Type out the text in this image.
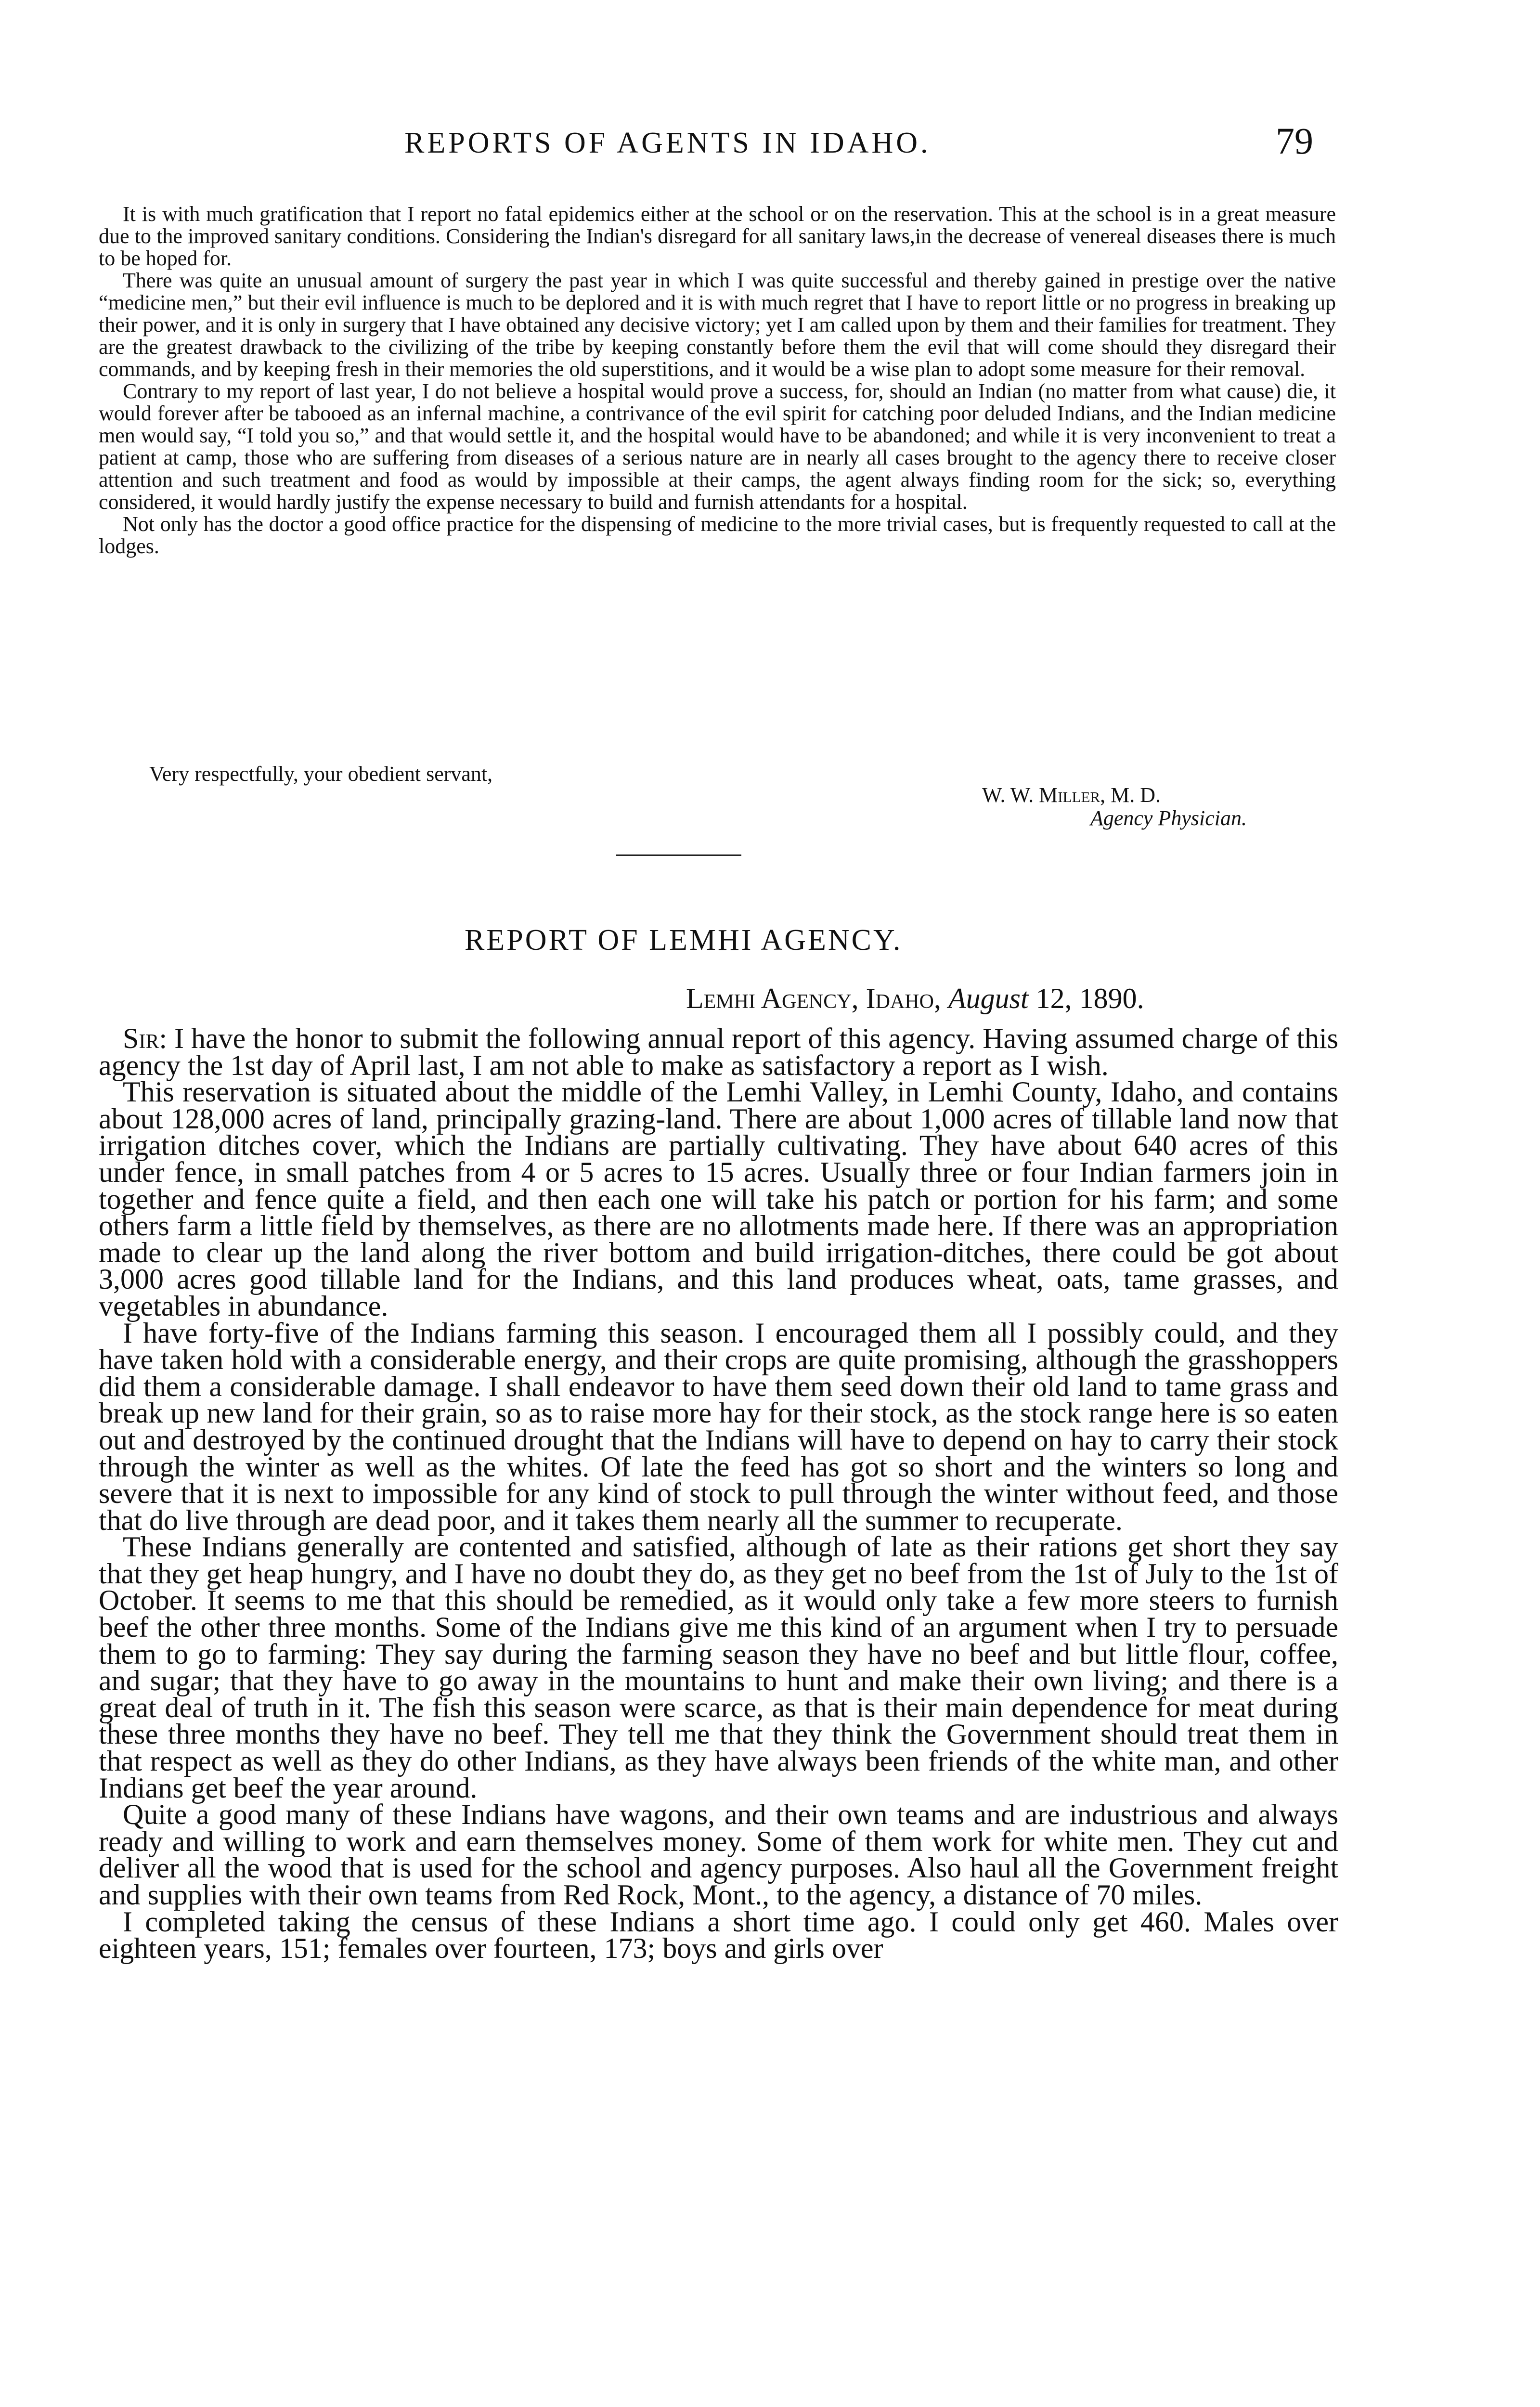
REPORTS OF AGENTS IN IDAHO.	79

It is with much gratification that I report no fatal epidemics either at the school or on the reservation. This at the school is in a great measure due to the improved sanitary conditions. Considering the Indian's disregard for all sanitary laws,in the decrease of venereal diseases there is much to be hoped for.

There was quite an unusual amount of surgery the past year in which I was quite successful and thereby gained in prestige over the native “medicine men,” but their evil influence is much to be deplored and it is with much regret that I have to report little or no progress in breaking up their power, and it is only in surgery that I have obtained any decisive victory; yet I am called upon by them and their families for treatment. They are the greatest drawback to the civilizing of the tribe by keeping constantly before them the evil that will come should they disregard their commands, and by keeping fresh in their memories the old superstitions, and it would be a wise plan to adopt some measure for their removal.

Contrary to my report of last year, I do not believe a hospital would prove a success, for, should an Indian (no matter from what cause) die, it would forever after be tabooed as an infernal machine, a contrivance of the evil spirit for catching poor deluded Indians, and the Indian medicine men would say, “I told you so,” and that would settle it, and the hospital would have to be abandoned; and while it is very inconvenient to treat a patient at camp, those who are suffering from diseases of a serious nature are in nearly all cases brought to the agency there to receive closer attention and such treatment and food as would by impossible at their camps, the agent always finding room for the sick; so, everything considered, it would hardly justify the expense necessary to build and furnish attendants for a hospital.

Not only has the doctor a good office practice for the dispensing of medicine to the more trivial cases, but is frequently requested to call at the lodges.

Very respectfully, your obedient servant,
W. W. Miller, M. D.
Agency Physician.
REPORT OF LEMHI AGENCY.
Lemhi Agency, Idaho, August 12, 1890.

Sir: I have the honor to submit the following annual report of this agency. Having assumed charge of this agency the 1st day of April last, I am not able to make as satisfactory a report as I wish.

This reservation is situated about the middle of the Lemhi Valley, in Lemhi County, Idaho, and contains about 128,000 acres of land, principally grazing-land. There are about 1,000 acres of tillable land now that irrigation ditches cover, which the Indians are partially cultivating. They have about 640 acres of this under fence, in small patches from 4 or 5 acres to 15 acres. Usually three or four Indian farmers join in together and fence quite a field, and then each one will take his patch or portion for his farm; and some others farm a little field by themselves, as there are no allotments made here. If there was an appropriation made to clear up the land along the river bottom and build irrigation-ditches, there could be got about 3,000 acres good tillable land for the Indians, and this land produces wheat, oats, tame grasses, and vegetables in abundance.

I have forty-five of the Indians farming this season. I encouraged them all I possibly could, and they have taken hold with a considerable energy, and their crops are quite promising, although the grasshoppers did them a considerable damage. I shall endeavor to have them seed down their old land to tame grass and break up new land for their grain, so as to raise more hay for their stock, as the stock range here is so eaten out and destroyed by the continued drought that the Indians will have to depend on hay to carry their stock through the winter as well as the whites. Of late the feed has got so short and the winters so long and severe that it is next to impossible for any kind of stock to pull through the winter without feed, and those that do live through are dead poor, and it takes them nearly all the summer to recuperate.

These Indians generally are contented and satisfied, although of late as their rations get short they say that they get heap hungry, and I have no doubt they do, as they get no beef from the 1st of July to the 1st of October. It seems to me that this should be remedied, as it would only take a few more steers to furnish beef the other three months. Some of the Indians give me this kind of an argument when I try to persuade them to go to farming: They say during the farming season they have no beef and but little flour, coffee, and sugar; that they have to go away in the mountains to hunt and make their own living; and there is a great deal of truth in it. The fish this season were scarce, as that is their main dependence for meat during these three months they have no beef. They tell me that they think the Government should treat them in that respect as well as they do other Indians, as they have always been friends of the white man, and other Indians get beef the year around.

Quite a good many of these Indians have wagons, and their own teams and are industrious and always ready and willing to work and earn themselves money. Some of them work for white men. They cut and deliver all the wood that is used for the school and agency purposes. Also haul all the Government freight and supplies with their own teams from Red Rock, Mont., to the agency, a distance of 70 miles.

I completed taking the census of these Indians a short time ago. I could only get 460. Males over eighteen years, 151; females over fourteen, 173; boys and girls over
